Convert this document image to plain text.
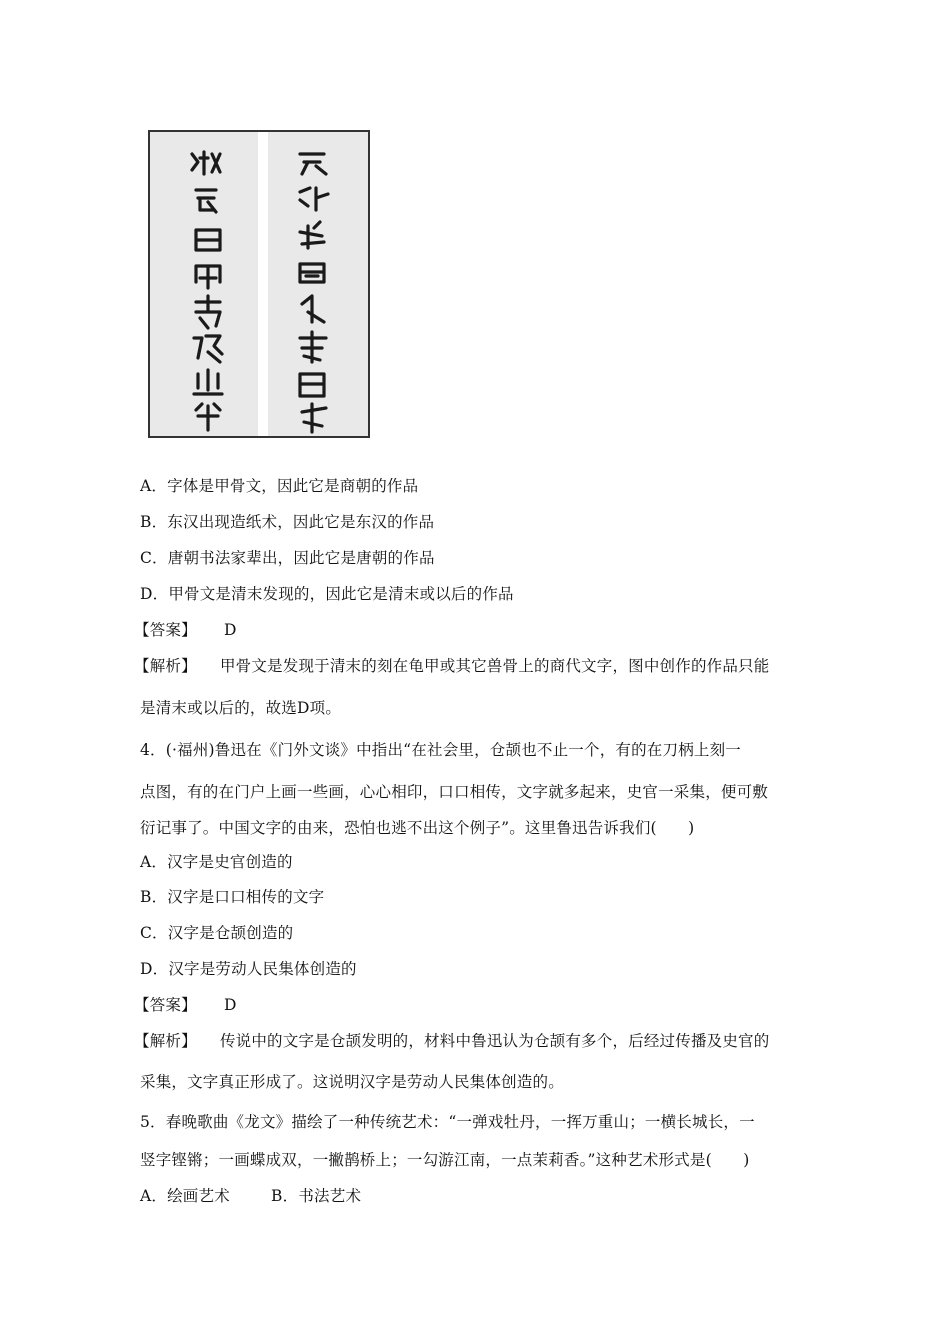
A．字体是甲骨文，因此它是商朝的作品
B．东汉出现造纸术，因此它是东汉的作品
C．唐朝书法家辈出，因此它是唐朝的作品
D．甲骨文是清末发现的，因此它是清末或以后的作品
【答案】 D
【解析】 甲骨文是发现于清末的刻在龟甲或其它兽骨上的商代文字，图中创作的作品只能
是清末或以后的，故选D项。
4．(·福州)鲁迅在《门外文谈》中指出“在社会里，仓颉也不止一个，有的在刀柄上刻一
点图，有的在门户上画一些画，心心相印，口口相传，文字就多起来，史官一采集，便可敷
衍记事了。中国文字的由来，恐怕也逃不出这个例子”。这里鲁迅告诉我们(　　)
A．汉字是史官创造的
B．汉字是口口相传的文字
C．汉字是仓颉创造的
D．汉字是劳动人民集体创造的
【答案】 D
【解析】 传说中的文字是仓颉发明的，材料中鲁迅认为仓颉有多个，后经过传播及史官的
采集，文字真正形成了。这说明汉字是劳动人民集体创造的。
5．春晚歌曲《龙文》描绘了一种传统艺术：“一弹戏牡丹，一挥万重山；一横长城长，一
竖字铿锵；一画蝶成双，一撇鹊桥上；一勾游江南，一点茉莉香。”这种艺术形式是(　　)
A．绘画艺术	B．书法艺术
